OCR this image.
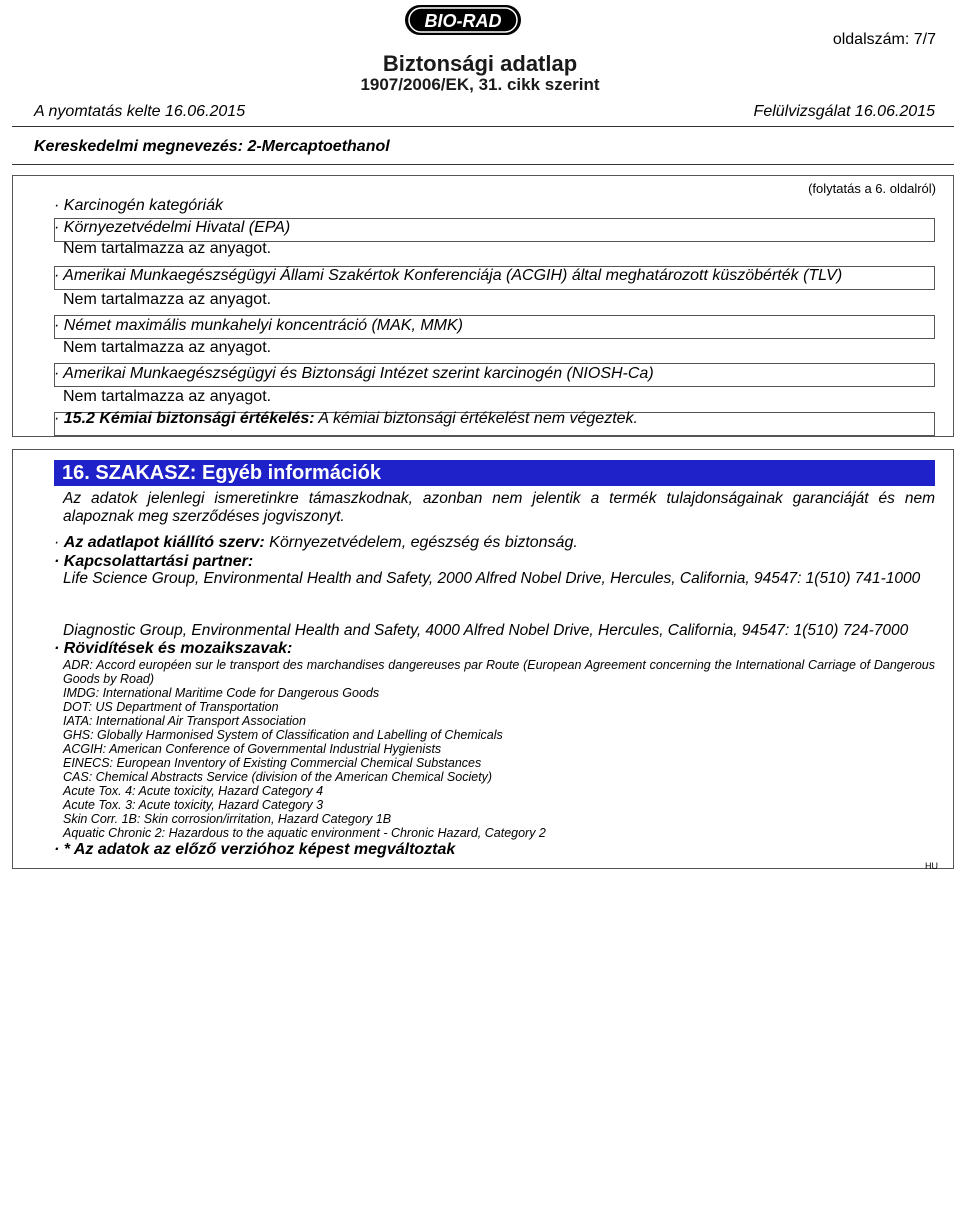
BIO-RAD
oldalszám: 7/7
Biztonsági adatlap
1907/2006/EK, 31. cikk szerint
A nyomtatás kelte 16.06.2015	Felülvizsgálat 16.06.2015
Kereskedelmi megnevezés: 2-Mercaptoethanol
(folytatás a 6. oldalról)
· Karcinogén kategóriák
· Környezetvédelmi Hivatal (EPA)
Nem tartalmazza az anyagot.
· Amerikai Munkaegészségügyi Állami Szakértok Konferenciája (ACGIH) által meghatározott küszöbérték (TLV)
Nem tartalmazza az anyagot.
· Német maximális munkahelyi koncentráció (MAK, MMK)
Nem tartalmazza az anyagot.
· Amerikai Munkaegészségügyi és Biztonsági Intézet szerint karcinogén (NIOSH-Ca)
Nem tartalmazza az anyagot.
· 15.2 Kémiai biztonsági értékelés: A kémiai biztonsági értékelést nem végeztek.
16. SZAKASZ: Egyéb információk
Az adatok jelenlegi ismeretinkre támaszkodnak, azonban nem jelentik a termék tulajdonságainak garanciáját és nem alapoznak meg szerződéses jogviszonyt.
· Az adatlapot kiállító szerv: Környezetvédelem, egészség és biztonság.
· Kapcsolattartási partner:
Life Science Group, Environmental Health and Safety, 2000 Alfred Nobel Drive, Hercules, California, 94547: 1(510) 741-1000
Diagnostic Group, Environmental Health and Safety, 4000 Alfred Nobel Drive, Hercules, California, 94547: 1(510) 724-7000
· Rövidítések és mozaikszavak:
ADR: Accord européen sur le transport des marchandises dangereuses par Route (European Agreement concerning the International Carriage of Dangerous Goods by Road)
IMDG: International Maritime Code for Dangerous Goods
DOT: US Department of Transportation
IATA: International Air Transport Association
GHS: Globally Harmonised System of Classification and Labelling of Chemicals
ACGIH: American Conference of Governmental Industrial Hygienists
EINECS: European Inventory of Existing Commercial Chemical Substances
CAS: Chemical Abstracts Service (division of the American Chemical Society)
Acute Tox. 4: Acute toxicity, Hazard Category 4
Acute Tox. 3: Acute toxicity, Hazard Category 3
Skin Corr. 1B: Skin corrosion/irritation, Hazard Category 1B
Aquatic Chronic 2: Hazardous to the aquatic environment - Chronic Hazard, Category 2
· * Az adatok az előző verzióhoz képest megváltoztak
HU
